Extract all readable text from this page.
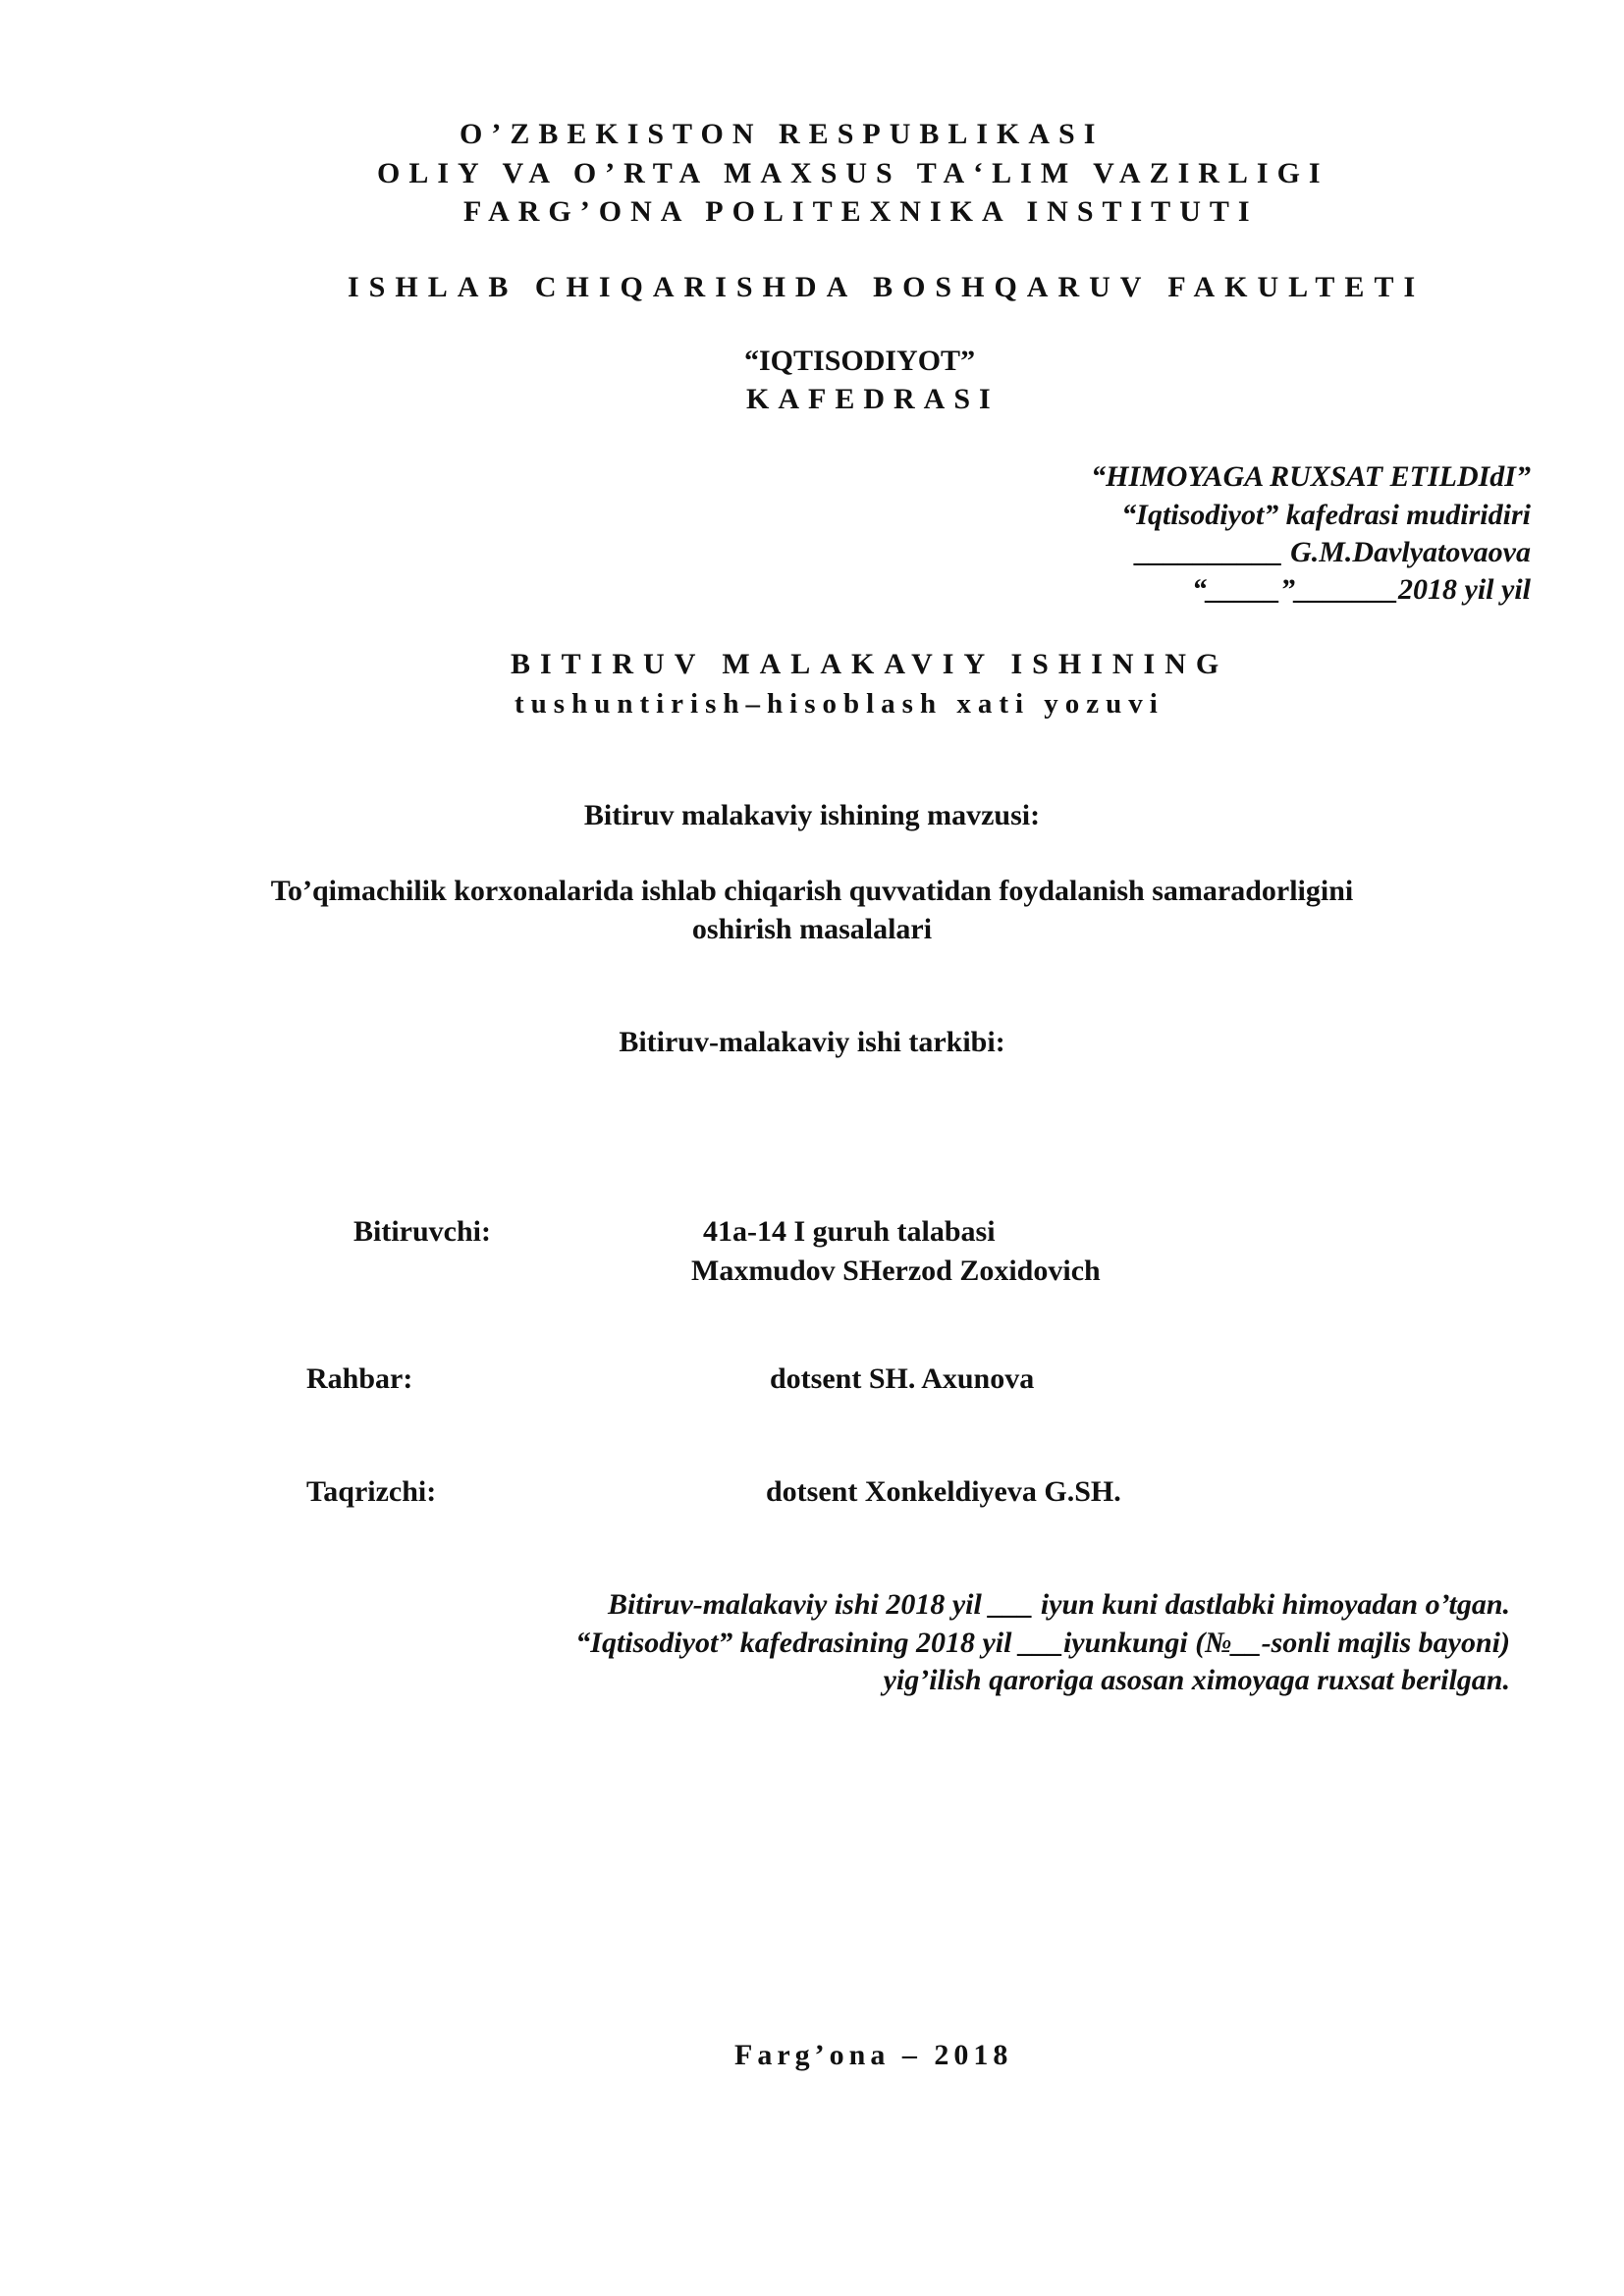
O’ZBEKISTON RESPUBLIKASI
OLIY VA O’RTA MAXSUS TA‘LIM VAZIRLIGI
FARG’ONA POLITEXNIKA INSTITUTI
ISHLAB CHIQARISHDA BOSHQARUV FAKULTETI
“IQTISODIYOT”
KAFEDRASI
“HIMOYAGA RUXSAT ETILDIdI”
“Iqtisodiyot” kafedrasi mudiridiri
__________ G.M.Davlyatovaova
“_____”_______2018 yil yil
BITIRUV MALAKAVIY ISHINING
tushuntirish–hisoblash xati yozuvi
Bitiruv malakaviy ishining mavzusi:
To’qimachilik korxonalarida ishlab chiqarish quvvatidan foydalanish samaradorligini
oshirish masalalari
Bitiruv-malakaviy ishi tarkibi:
Bitiruvchi:	41a-14 I guruh talabasi
Maxmudov SHerzod Zoxidovich
Rahbar:	dotsent SH. Axunova
Taqrizchi:	dotsent Xonkeldiyeva G.SH.
Bitiruv-malakaviy ishi 2018 yil ___ iyun kuni dastlabki himoyadan o’tgan.
“Iqtisodiyot” kafedrasining 2018 yil ___iyunkungi (№__-sonli majlis bayoni)
yig’ilish qaroriga asosan ximoyaga ruxsat berilgan.
Farg’ona – 2018
